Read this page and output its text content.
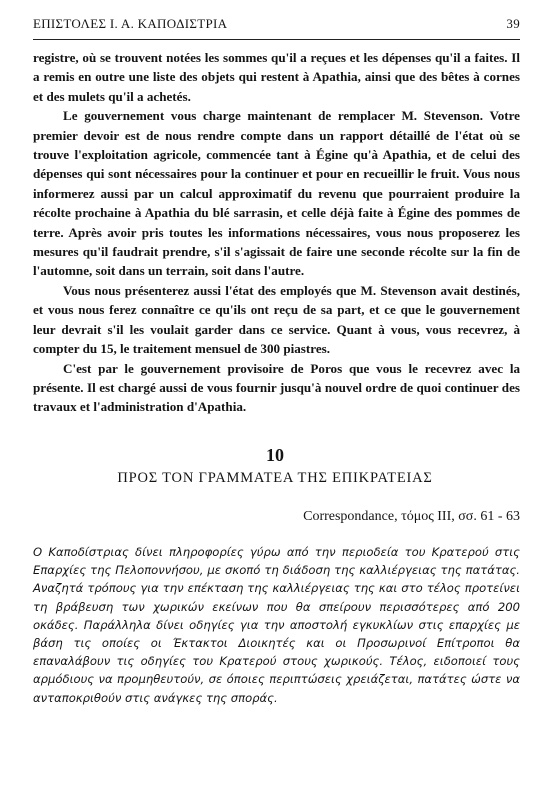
ΕΠΙΣΤΟΛΕΣ Ι. Α. ΚΑΠΟΔΙΣΤΡΙΑ	39

registre, où se trouvent notées les sommes qu'il a reçues et les dépenses qu'il a faites. Il a remis en outre une liste des objets qui restent à Apathia, ainsi que des bêtes à cornes et des mulets qu'il a achetés.

Le gouvernement vous charge maintenant de remplacer M. Stevenson. Votre premier devoir est de nous rendre compte dans un rapport détaillé de l'état où se trouve l'exploitation agricole, commencée tant à Égine qu'à Apathia, et de celui des dépenses qui sont nécessaires pour la continuer et pour en recueillir le fruit. Vous nous informerez aussi par un calcul approximatif du revenu que pourraient produire la récolte prochaine à Apathia du blé sarrasin, et celle déjà faite à Égine des pommes de terre. Après avoir pris toutes les informations nécessaires, vous nous proposerez les mesures qu'il faudrait prendre, s'il s'agissait de faire une seconde récolte sur la fin de l'automne, soit dans un terrain, soit dans l'autre.

Vous nous présenterez aussi l'état des employés que M. Stevenson avait destinés, et vous nous ferez connaître ce qu'ils ont reçu de sa part, et ce que le gouvernement leur devrait s'il les voulait garder dans ce service. Quant à vous, vous recevrez, à compter du 15, le traitement mensuel de 300 piastres.

C'est par le gouvernement provisoire de Poros que vous le recevrez avec la présente. Il est chargé aussi de vous fournir jusqu'à nouvel ordre de quoi continuer des travaux et l'administration d'Apathia.

10
ΠΡΟΣ ΤΟΝ ΓΡΑΜΜΑΤΕΑ ΤΗΣ ΕΠΙΚΡΑΤΕΙΑΣ
Correspondance, τόμος ΙΙΙ, σσ. 61 - 63

Ο Καποδίστριας δίνει πληροφορίες γύρω από την περιοδεία του Κρατερού στις Επαρχίες της Πελοποννήσου, με σκοπό τη διάδοση της καλλιέργειας της πατάτας. Αναζητά τρόπους για την επέκταση της καλλιέργειας της και στο τέλος προτείνει τη βράβευση των χωρικών εκείνων που θα σπείρουν περισσότερες από 200 οκάδες. Παράλληλα δίνει οδηγίες για την αποστολή εγκυκλίων στις επαρχίες με βάση τις οποίες οι Έκτακτοι Διοικητές και οι Προσωρινοί Επίτροποι θα επαναλάβουν τις οδηγίες του Κρατερού στους χωρικούς. Τέλος, ειδοποιεί τους αρμόδιους να προμηθευτούν, σε όποιες περιπτώσεις χρειάζεται, πατάτες ώστε να ανταποκριθούν στις ανάγκες της σποράς.
